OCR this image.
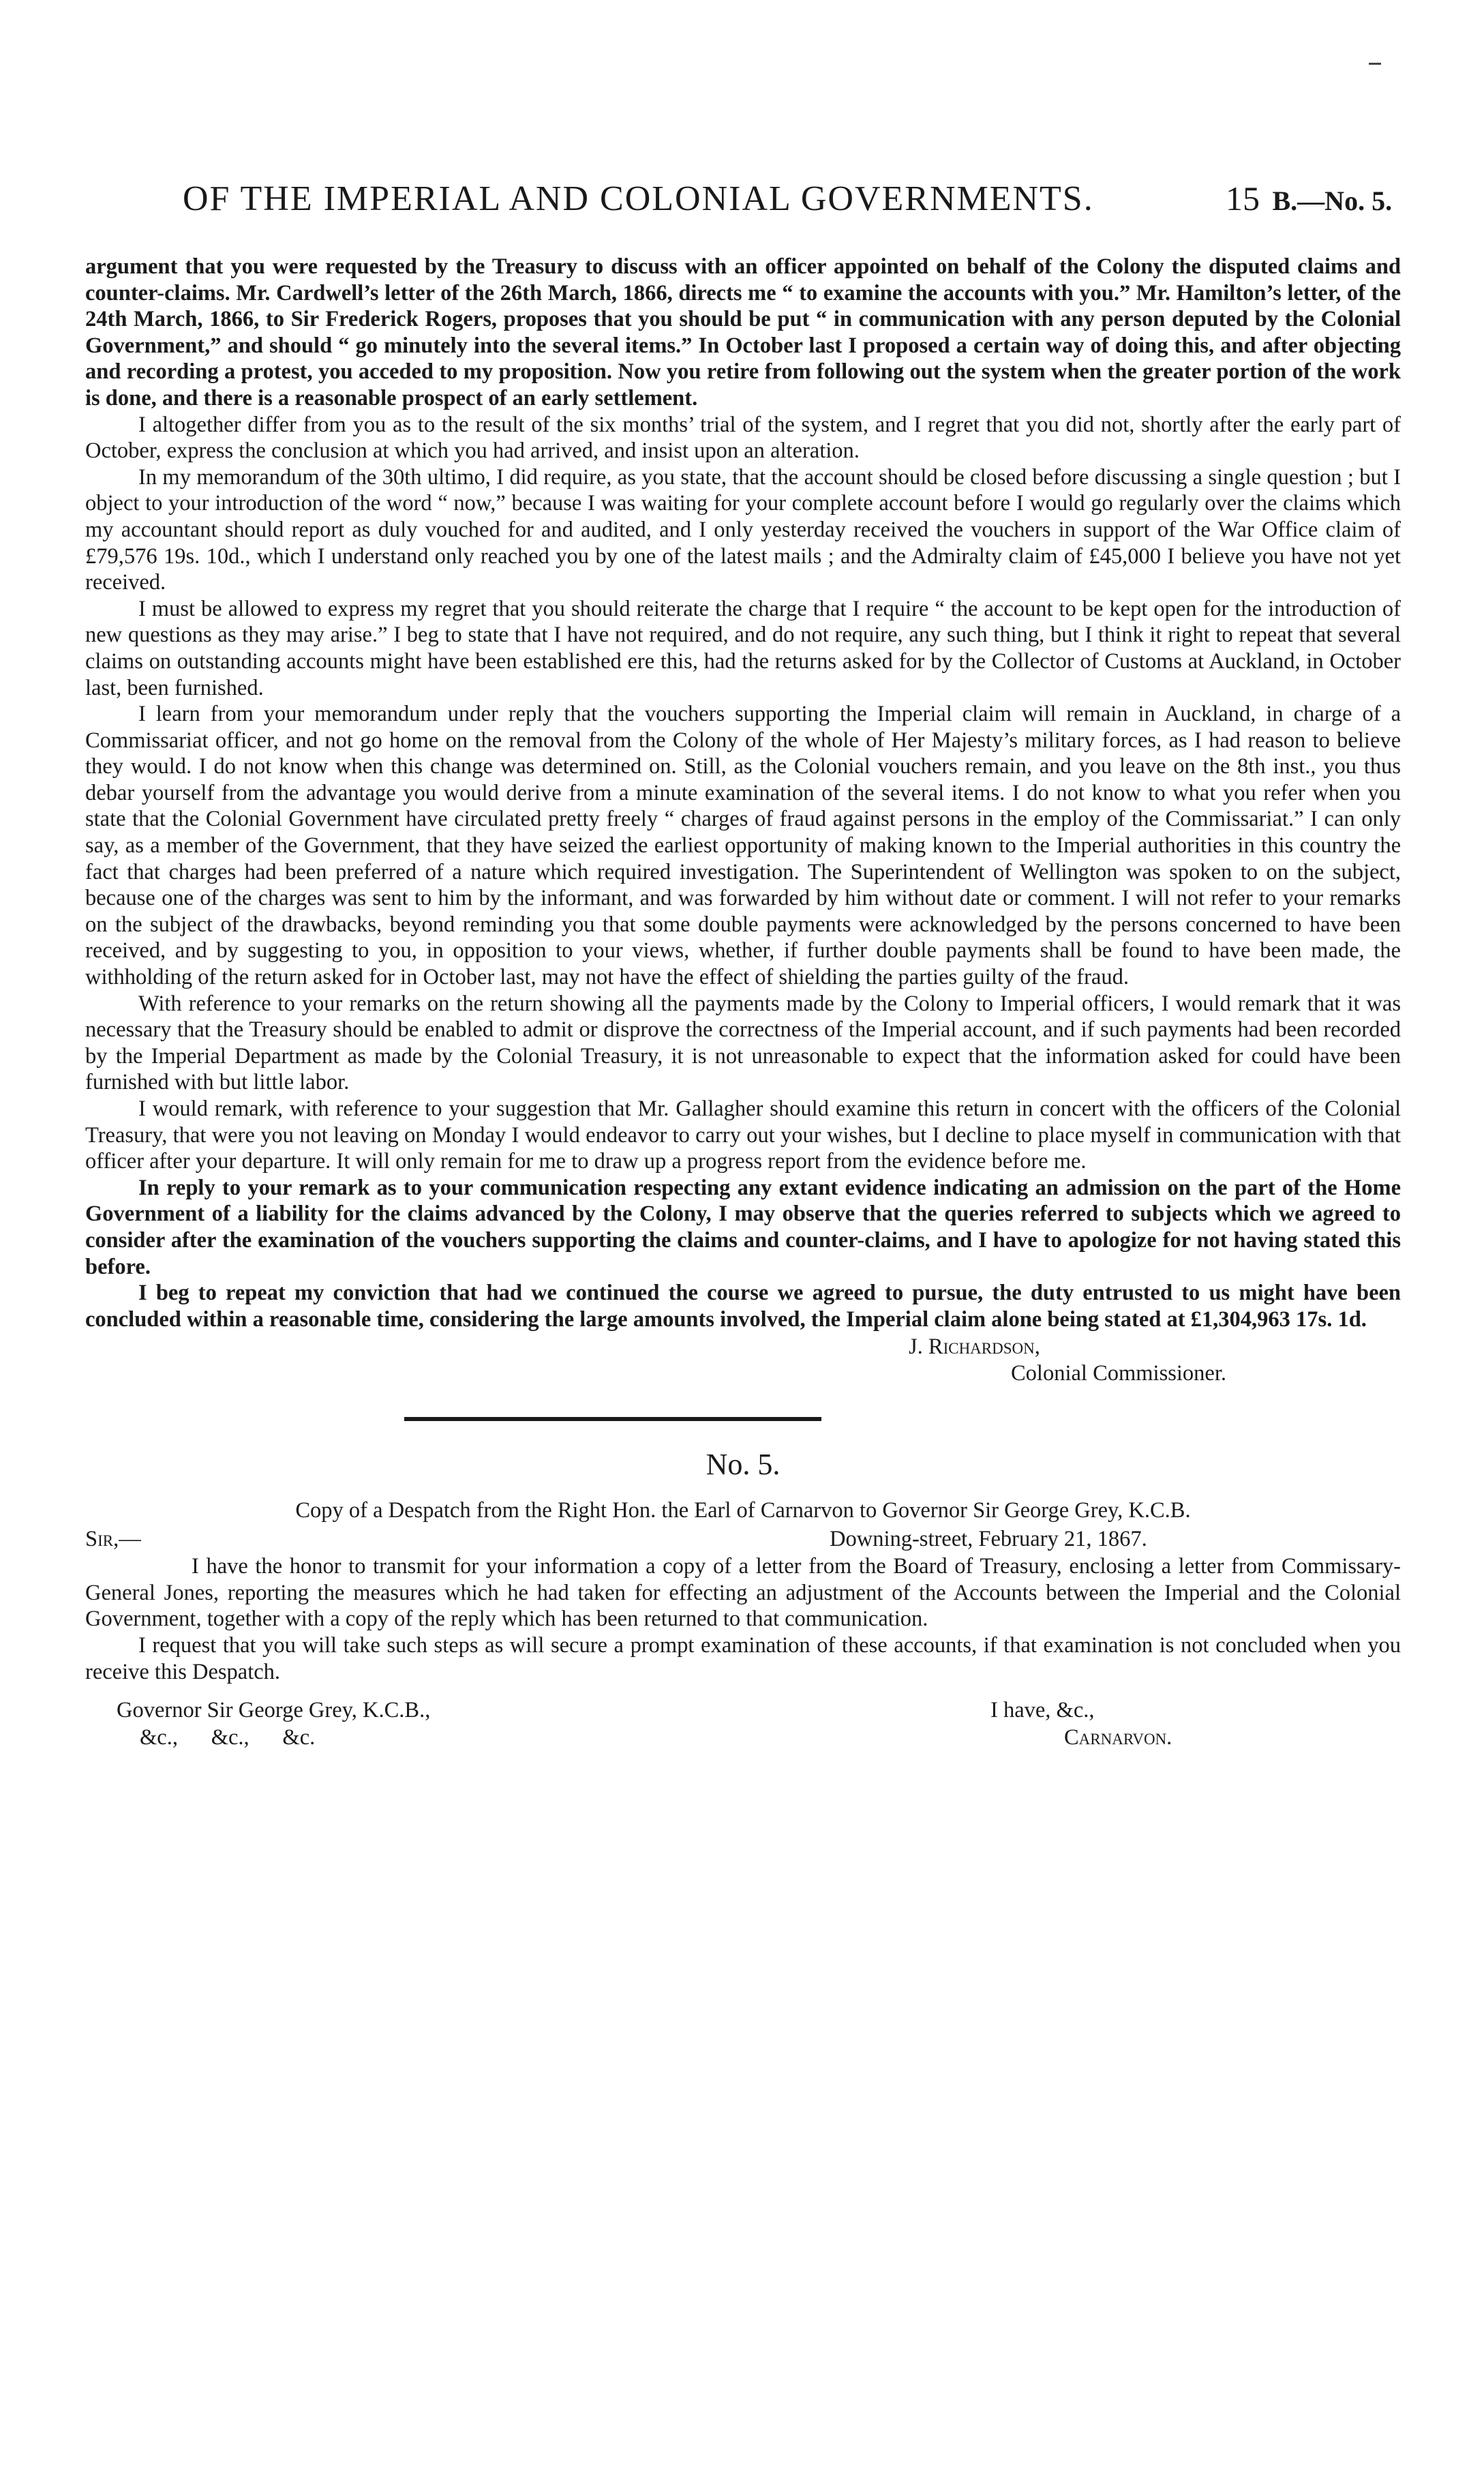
OF THE IMPERIAL AND COLONIAL GOVERNMENTS.	15 B.—No. 5.

argument that you were requested by the Treasury to discuss with an officer appointed on behalf of the Colony the disputed claims and counter-claims. Mr. Cardwell’s letter of the 26th March, 1866, directs me “ to examine the accounts with you.” Mr. Hamilton’s letter, of the 24th March, 1866, to Sir Frederick Rogers, proposes that you should be put “ in communication with any person deputed by the Colonial Government,” and should “ go minutely into the several items.” In October last I proposed a certain way of doing this, and after objecting and recording a protest, you acceded to my proposition. Now you retire from following out the system when the greater portion of the work is done, and there is a reasonable prospect of an early settlement.

I altogether differ from you as to the result of the six months’ trial of the system, and I regret that you did not, shortly after the early part of October, express the conclusion at which you had arrived, and insist upon an alteration.

In my memorandum of the 30th ultimo, I did require, as you state, that the account should be closed before discussing a single question ; but I object to your introduction of the word “ now,” because I was waiting for your complete account before I would go regularly over the claims which my accountant should report as duly vouched for and audited, and I only yesterday received the vouchers in support of the War Office claim of £79,576 19s. 10d., which I understand only reached you by one of the latest mails ; and the Admiralty claim of £45,000 I believe you have not yet received.

I must be allowed to express my regret that you should reiterate the charge that I require “ the account to be kept open for the introduction of new questions as they may arise.” I beg to state that I have not required, and do not require, any such thing, but I think it right to repeat that several claims on outstanding accounts might have been established ere this, had the returns asked for by the Collector of Customs at Auckland, in October last, been furnished.

I learn from your memorandum under reply that the vouchers supporting the Imperial claim will remain in Auckland, in charge of a Commissariat officer, and not go home on the removal from the Colony of the whole of Her Majesty’s military forces, as I had reason to believe they would. I do not know when this change was determined on. Still, as the Colonial vouchers remain, and you leave on the 8th inst., you thus debar yourself from the advantage you would derive from a minute examination of the several items. I do not know to what you refer when you state that the Colonial Government have circulated pretty freely “ charges of fraud against persons in the employ of the Commissariat.” I can only say, as a member of the Government, that they have seized the earliest opportunity of making known to the Imperial authorities in this country the fact that charges had been preferred of a nature which required investigation. The Superintendent of Wellington was spoken to on the subject, because one of the charges was sent to him by the informant, and was forwarded by him without date or comment. I will not refer to your remarks on the subject of the drawbacks, beyond reminding you that some double payments were acknowledged by the persons concerned to have been received, and by suggesting to you, in opposition to your views, whether, if further double payments shall be found to have been made, the withholding of the return asked for in October last, may not have the effect of shielding the parties guilty of the fraud.

With reference to your remarks on the return showing all the payments made by the Colony to Imperial officers, I would remark that it was necessary that the Treasury should be enabled to admit or disprove the correctness of the Imperial account, and if such payments had been recorded by the Imperial Department as made by the Colonial Treasury, it is not unreasonable to expect that the information asked for could have been furnished with but little labor.

I would remark, with reference to your suggestion that Mr. Gallagher should examine this return in concert with the officers of the Colonial Treasury, that were you not leaving on Monday I would endeavor to carry out your wishes, but I decline to place myself in communication with that officer after your departure. It will only remain for me to draw up a progress report from the evidence before me.

In reply to your remark as to your communication respecting any extant evidence indicating an admission on the part of the Home Government of a liability for the claims advanced by the Colony, I may observe that the queries referred to subjects which we agreed to consider after the examination of the vouchers supporting the claims and counter-claims, and I have to apologize for not having stated this before.

I beg to repeat my conviction that had we continued the course we agreed to pursue, the duty entrusted to us might have been concluded within a reasonable time, considering the large amounts involved, the Imperial claim alone being stated at £1,304,963 17s. 1d.

J. Richardson,
Colonial Commissioner.
No. 5.
Copy of a Despatch from the Right Hon. the Earl of Carnarvon to Governor Sir George Grey, K.C.B.
Sir,—	Downing-street, February 21, 1867.

I have the honor to transmit for your information a copy of a letter from the Board of Treasury, enclosing a letter from Commissary-General Jones, reporting the measures which he had taken for effecting an adjustment of the Accounts between the Imperial and the Colonial Government, together with a copy of the reply which has been returned to that communication.

I request that you will take such steps as will secure a prompt examination of these accounts, if that examination is not concluded when you receive this Despatch.

Governor Sir George Grey, K.C.B.,
&c.,      &c.,      &c.
I have, &c.,
Carnarvon.
